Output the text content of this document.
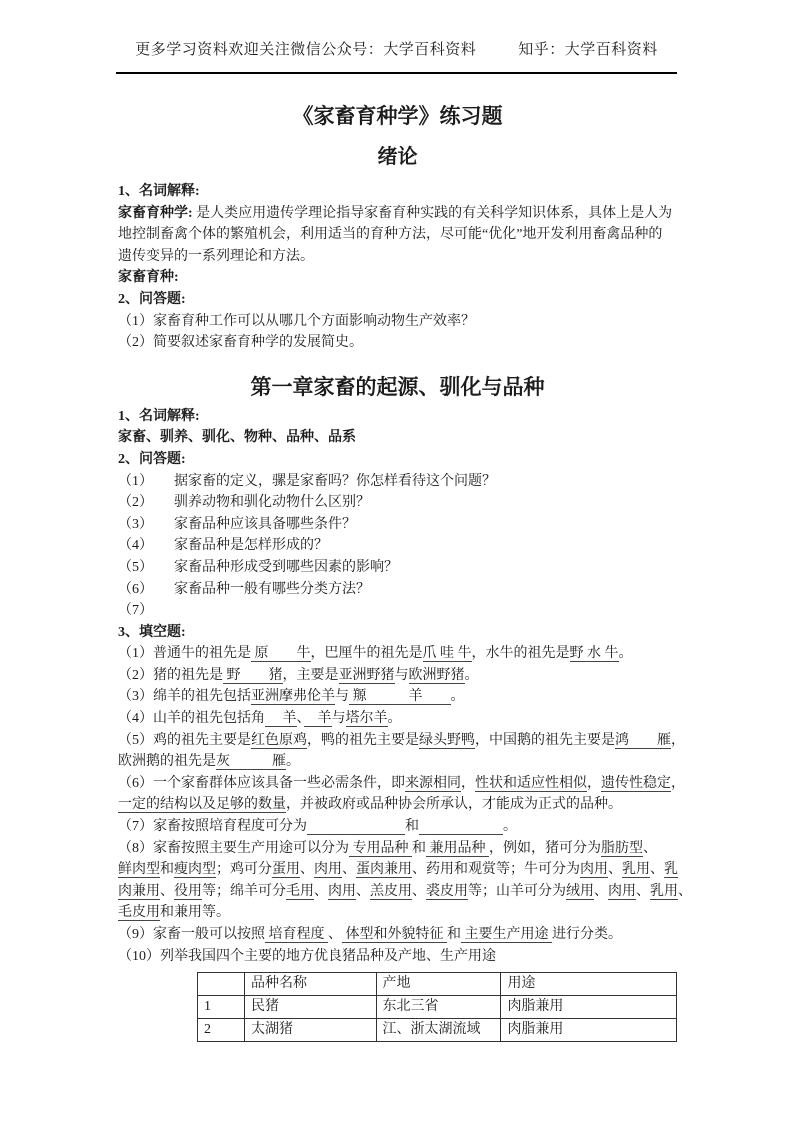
更多学习资料欢迎关注微信公众号：大学百科资料	知乎：大学百科资料
《家畜育种学》练习题
绪论
1、名词解释:
家畜育种学: 是人类应用遗传学理论指导家畜育种实践的有关科学知识体系，具体上是人为
地控制畜禽个体的繁殖机会，利用适当的育种方法，尽可能“优化”地开发利用畜禽品种的
遗传变异的一系列理论和方法。
家畜育种:
2、问答题:
（1）家畜育种工作可以从哪几个方面影响动物生产效率？
（2）简要叙述家畜育种学的发展简史。
第一章家畜的起源、驯化与品种
1、名词解释:
家畜、驯养、驯化、物种、品种、品系
2、问答题:
（1）　　据家畜的定义，骡是家畜吗？你怎样看待这个问题？
（2）　　驯养动物和驯化动物什么区别？
（3）　　家畜品种应该具备哪些条件？
（4）　　家畜品种是怎样形成的？
（5）　　家畜品种形成受到哪些因素的影响？
（6）　　家畜品种一般有哪些分类方法？
（7）
3、填空题:
（1）普通牛的祖先是 原　　牛，巴厘牛的祖先是爪 哇 牛，水牛的祖先是野 水 牛。
（2）猪的祖先是 野　　猪，主要是亚洲野猪与欧洲野猪。
（3）绵羊的祖先包括亚洲摩弗伦羊与 羱　　　羊　　。
（4）山羊的祖先包括角 　羊、　羊与塔尔羊。
（5）鸡的祖先主要是红色原鸡，鸭的祖先主要是绿头野鸭，中国鹅的祖先主要是鸿　　雁，
欧洲鹅的祖先是灰　　　雁。
（6）一个家畜群体应该具备一些必需条件，即来源相同，性状和适应性相似，遗传性稳定，
一定的结构以及足够的数量，并被政府或品种协会所承认，才能成为正式的品种。
（7）家畜按照培育程度可分为　　　　　　　	和　　　　　　	。
（8）家畜按照主要生产用途可以分为 专用品种 和 兼用品种 ，例如，猪可分为脂肪型、
鲜肉型和瘦肉型；鸡可分蛋用、肉用、蛋肉兼用、药用和观赏等；牛可分为肉用、乳用、乳
肉兼用、役用等；绵羊可分毛用、肉用、羔皮用、裘皮用等；山羊可分为绒用、肉用、乳用、
毛皮用和兼用等。
（9）家畜一般可以按照 培育程度 、 体型和外貌特征 和 主要生产用途 进行分类。
（10）列举我国四个主要的地方优良猪品种及产地、生产用途
	品种名称	产地	用途
1	民猪	东北三省	肉脂兼用
2	太湖猪	江、浙太湖流域	肉脂兼用
